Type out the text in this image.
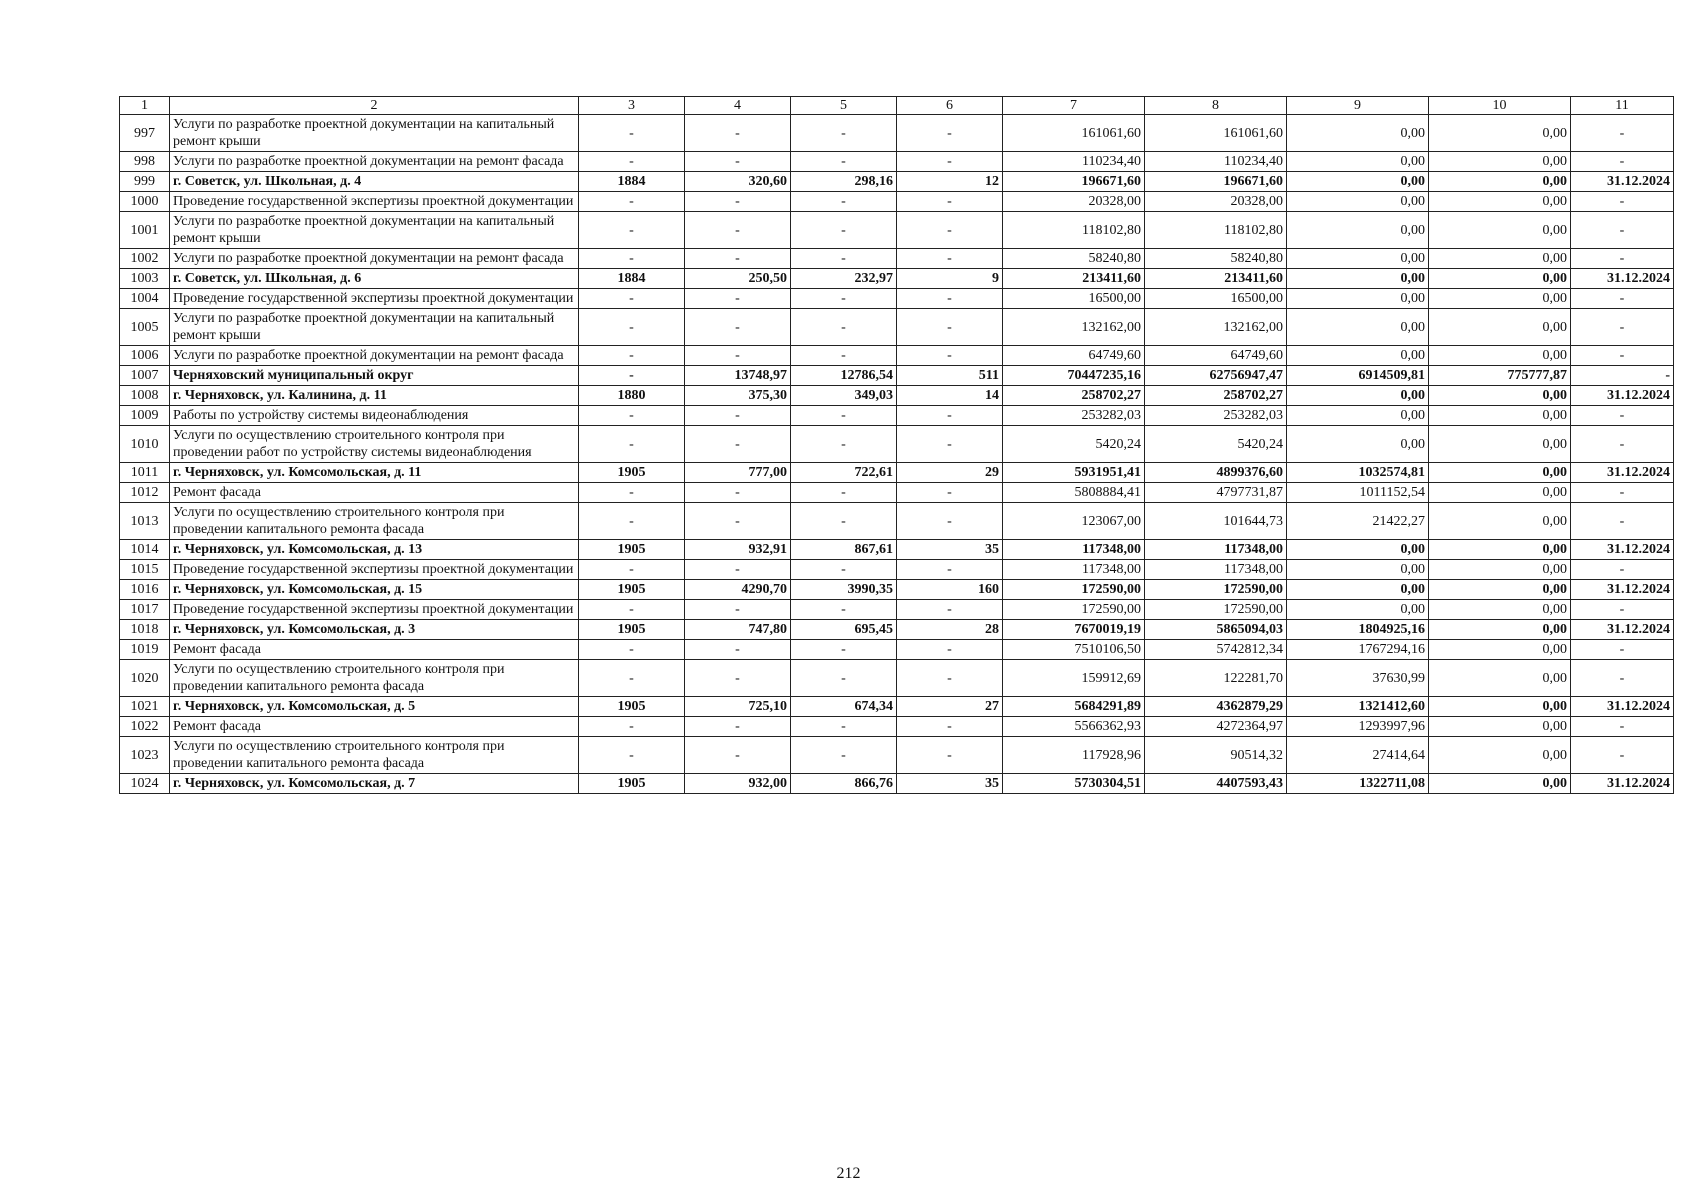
1	2	3	4	5	6	7	8	9	10	11
997	Услуги по разработке проектной документации на капитальный ремонт крыши	-	-	-	-	161061,60	161061,60	0,00	0,00	-
998	Услуги по разработке проектной документации на ремонт фасада	-	-	-	-	110234,40	110234,40	0,00	0,00	-
999	г. Советск, ул. Школьная, д. 4	1884	320,60	298,16	12	196671,60	196671,60	0,00	0,00	31.12.2024
1000	Проведение государственной экспертизы проектной документации	-	-	-	-	20328,00	20328,00	0,00	0,00	-
1001	Услуги по разработке проектной документации на капитальный ремонт крыши	-	-	-	-	118102,80	118102,80	0,00	0,00	-
1002	Услуги по разработке проектной документации на ремонт фасада	-	-	-	-	58240,80	58240,80	0,00	0,00	-
1003	г. Советск, ул. Школьная, д. 6	1884	250,50	232,97	9	213411,60	213411,60	0,00	0,00	31.12.2024
1004	Проведение государственной экспертизы проектной документации	-	-	-	-	16500,00	16500,00	0,00	0,00	-
1005	Услуги по разработке проектной документации на капитальный ремонт крыши	-	-	-	-	132162,00	132162,00	0,00	0,00	-
1006	Услуги по разработке проектной документации на ремонт фасада	-	-	-	-	64749,60	64749,60	0,00	0,00	-
1007	Черняховский муниципальный округ	-	13748,97	12786,54	511	70447235,16	62756947,47	6914509,81	775777,87	-
1008	г. Черняховск, ул. Калинина, д. 11	1880	375,30	349,03	14	258702,27	258702,27	0,00	0,00	31.12.2024
1009	Работы по устройству системы видеонаблюдения	-	-	-	-	253282,03	253282,03	0,00	0,00	-
1010	Услуги по осуществлению строительного контроля при проведении работ по устройству системы видеонаблюдения	-	-	-	-	5420,24	5420,24	0,00	0,00	-
1011	г. Черняховск, ул. Комсомольская, д. 11	1905	777,00	722,61	29	5931951,41	4899376,60	1032574,81	0,00	31.12.2024
1012	Ремонт фасада	-	-	-	-	5808884,41	4797731,87	1011152,54	0,00	-
1013	Услуги по осуществлению строительного контроля при проведении капитального ремонта фасада	-	-	-	-	123067,00	101644,73	21422,27	0,00	-
1014	г. Черняховск, ул. Комсомольская, д. 13	1905	932,91	867,61	35	117348,00	117348,00	0,00	0,00	31.12.2024
1015	Проведение государственной экспертизы проектной документации	-	-	-	-	117348,00	117348,00	0,00	0,00	-
1016	г. Черняховск, ул. Комсомольская, д. 15	1905	4290,70	3990,35	160	172590,00	172590,00	0,00	0,00	31.12.2024
1017	Проведение государственной экспертизы проектной документации	-	-	-	-	172590,00	172590,00	0,00	0,00	-
1018	г. Черняховск, ул. Комсомольская, д. 3	1905	747,80	695,45	28	7670019,19	5865094,03	1804925,16	0,00	31.12.2024
1019	Ремонт фасада	-	-	-	-	7510106,50	5742812,34	1767294,16	0,00	-
1020	Услуги по осуществлению строительного контроля при проведении капитального ремонта фасада	-	-	-	-	159912,69	122281,70	37630,99	0,00	-
1021	г. Черняховск, ул. Комсомольская, д. 5	1905	725,10	674,34	27	5684291,89	4362879,29	1321412,60	0,00	31.12.2024
1022	Ремонт фасада	-	-	-	-	5566362,93	4272364,97	1293997,96	0,00	-
1023	Услуги по осуществлению строительного контроля при проведении капитального ремонта фасада	-	-	-	-	117928,96	90514,32	27414,64	0,00	-
1024	г. Черняховск, ул. Комсомольская, д. 7	1905	932,00	866,76	35	5730304,51	4407593,43	1322711,08	0,00	31.12.2024
212
